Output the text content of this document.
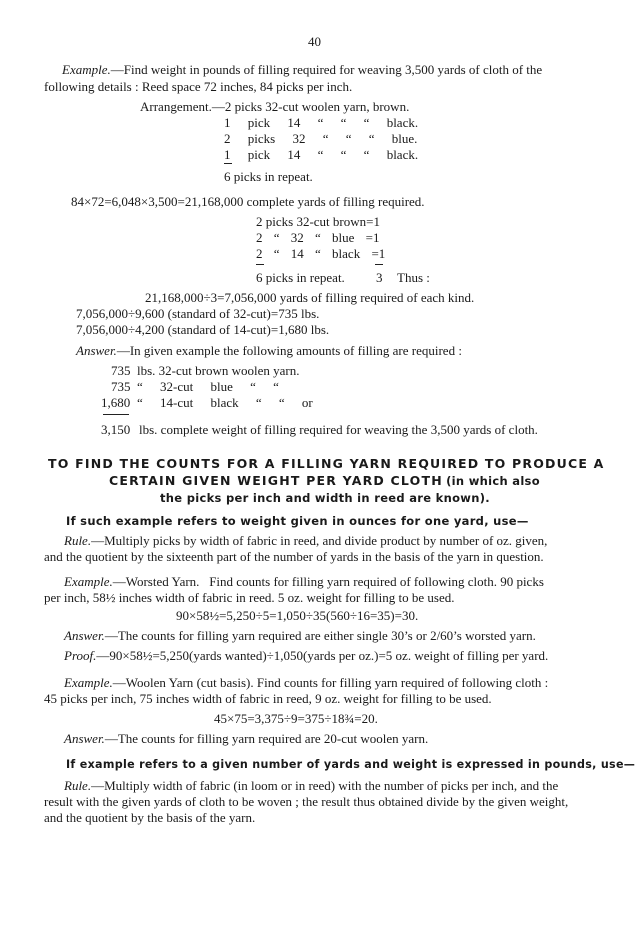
40
Example.—Find weight in pounds of filling required for weaving 3,500 yards of cloth of the
following details : Reed space 72 inches, 84 picks per inch.
Arrangement.—2 picks 32-cut woolen yarn, brown.
1 pick 14 “ “ “ black.
2 picks 32 “ “ “ blue.
1 pick 14 “ “ “ black.
6 picks in repeat.
84×72=6,048×3,500=21,168,000 complete yards of filling required.
2 picks 32-cut brown=1
2 “ 32 “ blue =1
2 “ 14 “ black =1
6 picks in repeat. 3 Thus :
21,168,000÷3=7,056,000 yards of filling required of each kind.
7,056,000÷9,600 (standard of 32-cut)=735 lbs.
7,056,000÷4,200 (standard of 14-cut)=1,680 lbs.
Answer.—In given example the following amounts of filling are required :
735 lbs. 32-cut brown woolen yarn.
735 “ 32-cut blue “ “
1,680 “ 14-cut black “ “ or
3,150 lbs. complete weight of filling required for weaving the 3,500 yards of cloth.
TO FIND THE COUNTS FOR A FILLING YARN REQUIRED TO PRODUCE A
CERTAIN GIVEN WEIGHT PER YARD CLOTH (in which also
the picks per inch and width in reed are known).
If such example refers to weight given in ounces for one yard, use—
Rule.—Multiply picks by width of fabric in reed, and divide product by number of oz. given,
and the quotient by the sixteenth part of the number of yards in the basis of the yarn in question.
Example.—Worsted Yarn. Find counts for filling yarn required of following cloth. 90 picks
per inch, 58½ inches width of fabric in reed. 5 oz. weight for filling to be used.
90×58½=5,250÷5=1,050÷35(560÷16=35)=30.
Answer.—The counts for filling yarn required are either single 30’s or 2/60’s worsted yarn.
Proof.—90×58½=5,250(yards wanted)÷1,050(yards per oz.)=5 oz. weight of filling per yard.
Example.—Woolen Yarn (cut basis). Find counts for filling yarn required of following cloth :
45 picks per inch, 75 inches width of fabric in reed, 9 oz. weight for filling to be used.
45×75=3,375÷9=375÷18¾=20.
Answer.—The counts for filling yarn required are 20-cut woolen yarn.
If example refers to a given number of yards and weight is expressed in pounds, use—
Rule.—Multiply width of fabric (in loom or in reed) with the number of picks per inch, and the
result with the given yards of cloth to be woven ; the result thus obtained divide by the given weight,
and the quotient by the basis of the yarn.
